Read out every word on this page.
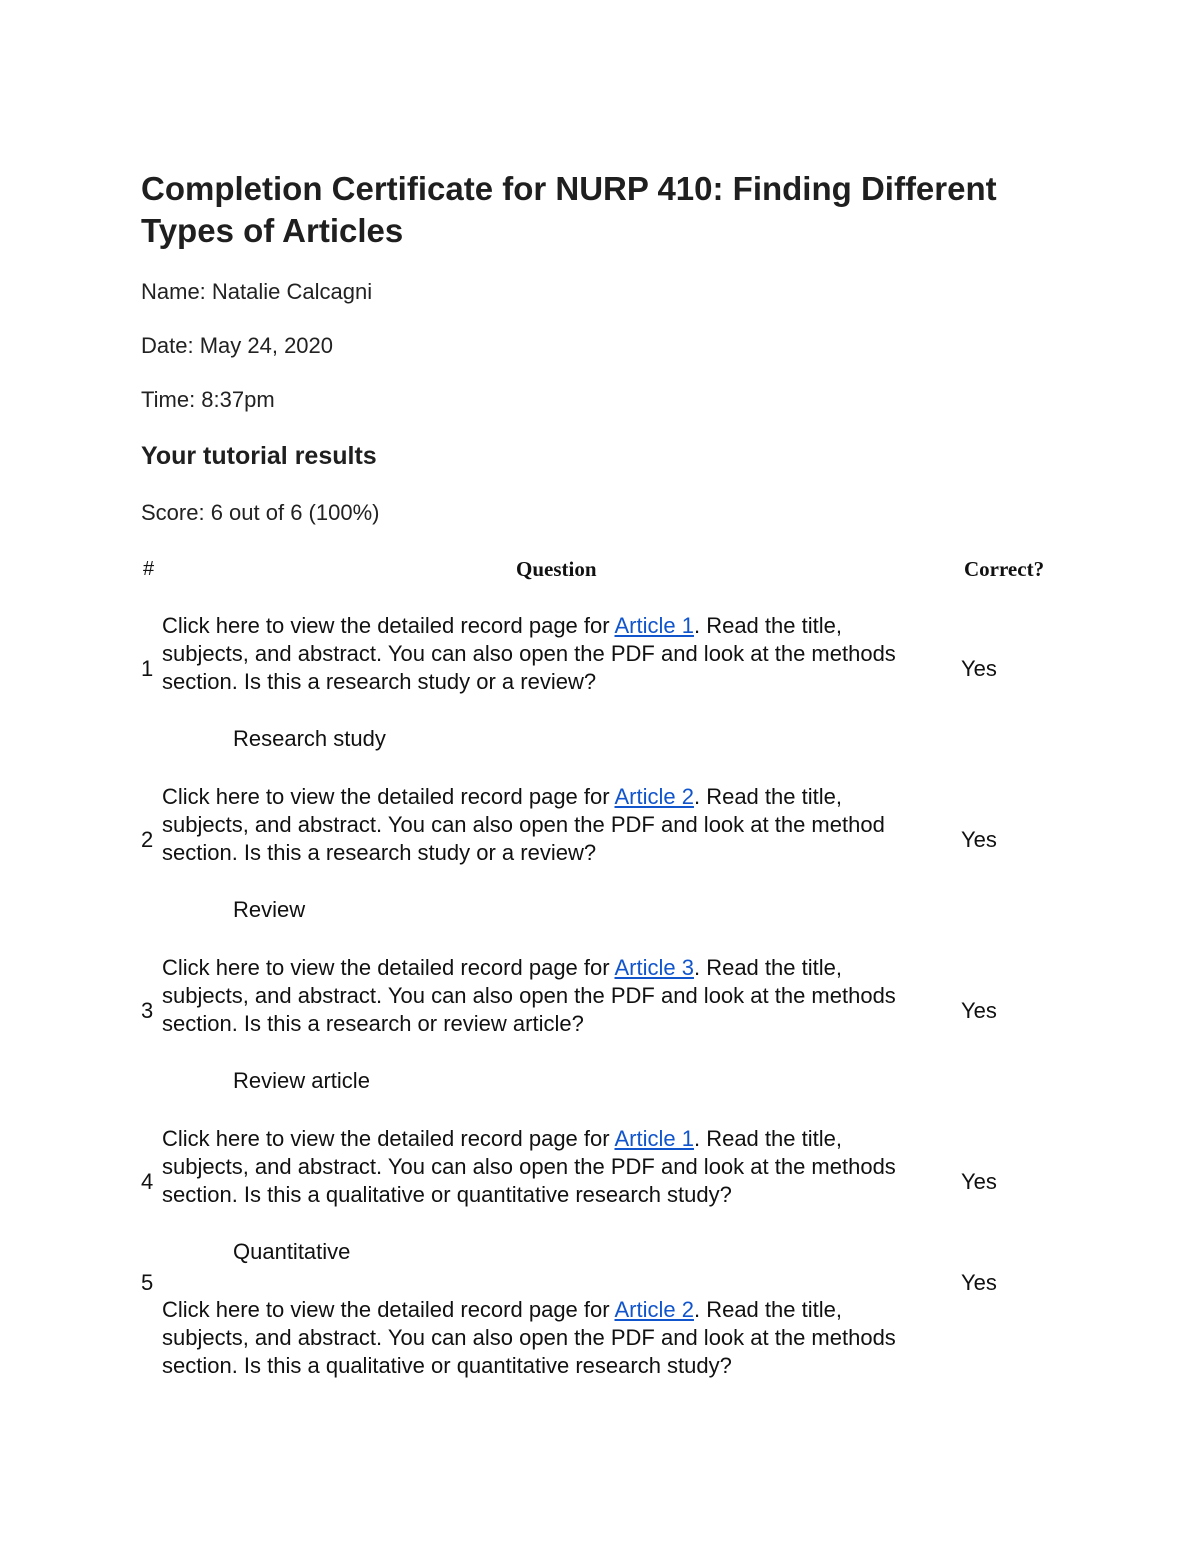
Completion Certificate for NURP 410: Finding Different Types of Articles

Name: Natalie Calcagni

Date: May 24, 2020

Time: 8:37pm

Your tutorial results

Score: 6 out of 6 (100%)

#	Question	Correct?
1
Click here to view the detailed record page for Article 1. Read the title,
subjects, and abstract. You can also open the PDF and look at the methods
section. Is this a research study or a review?
Yes
Research study
2
Click here to view the detailed record page for Article 2. Read the title,
subjects, and abstract. You can also open the PDF and look at the method
section. Is this a research study or a review?
Yes
Review
3
Click here to view the detailed record page for Article 3. Read the title,
subjects, and abstract. You can also open the PDF and look at the methods
section. Is this a research or review article?
Yes
Review article
4
Click here to view the detailed record page for Article 1. Read the title,
subjects, and abstract. You can also open the PDF and look at the methods
section. Is this a qualitative or quantitative research study?
Yes
Quantitative
5
Click here to view the detailed record page for Article 2. Read the title,
subjects, and abstract. You can also open the PDF and look at the methods
section. Is this a qualitative or quantitative research study?
Yes
